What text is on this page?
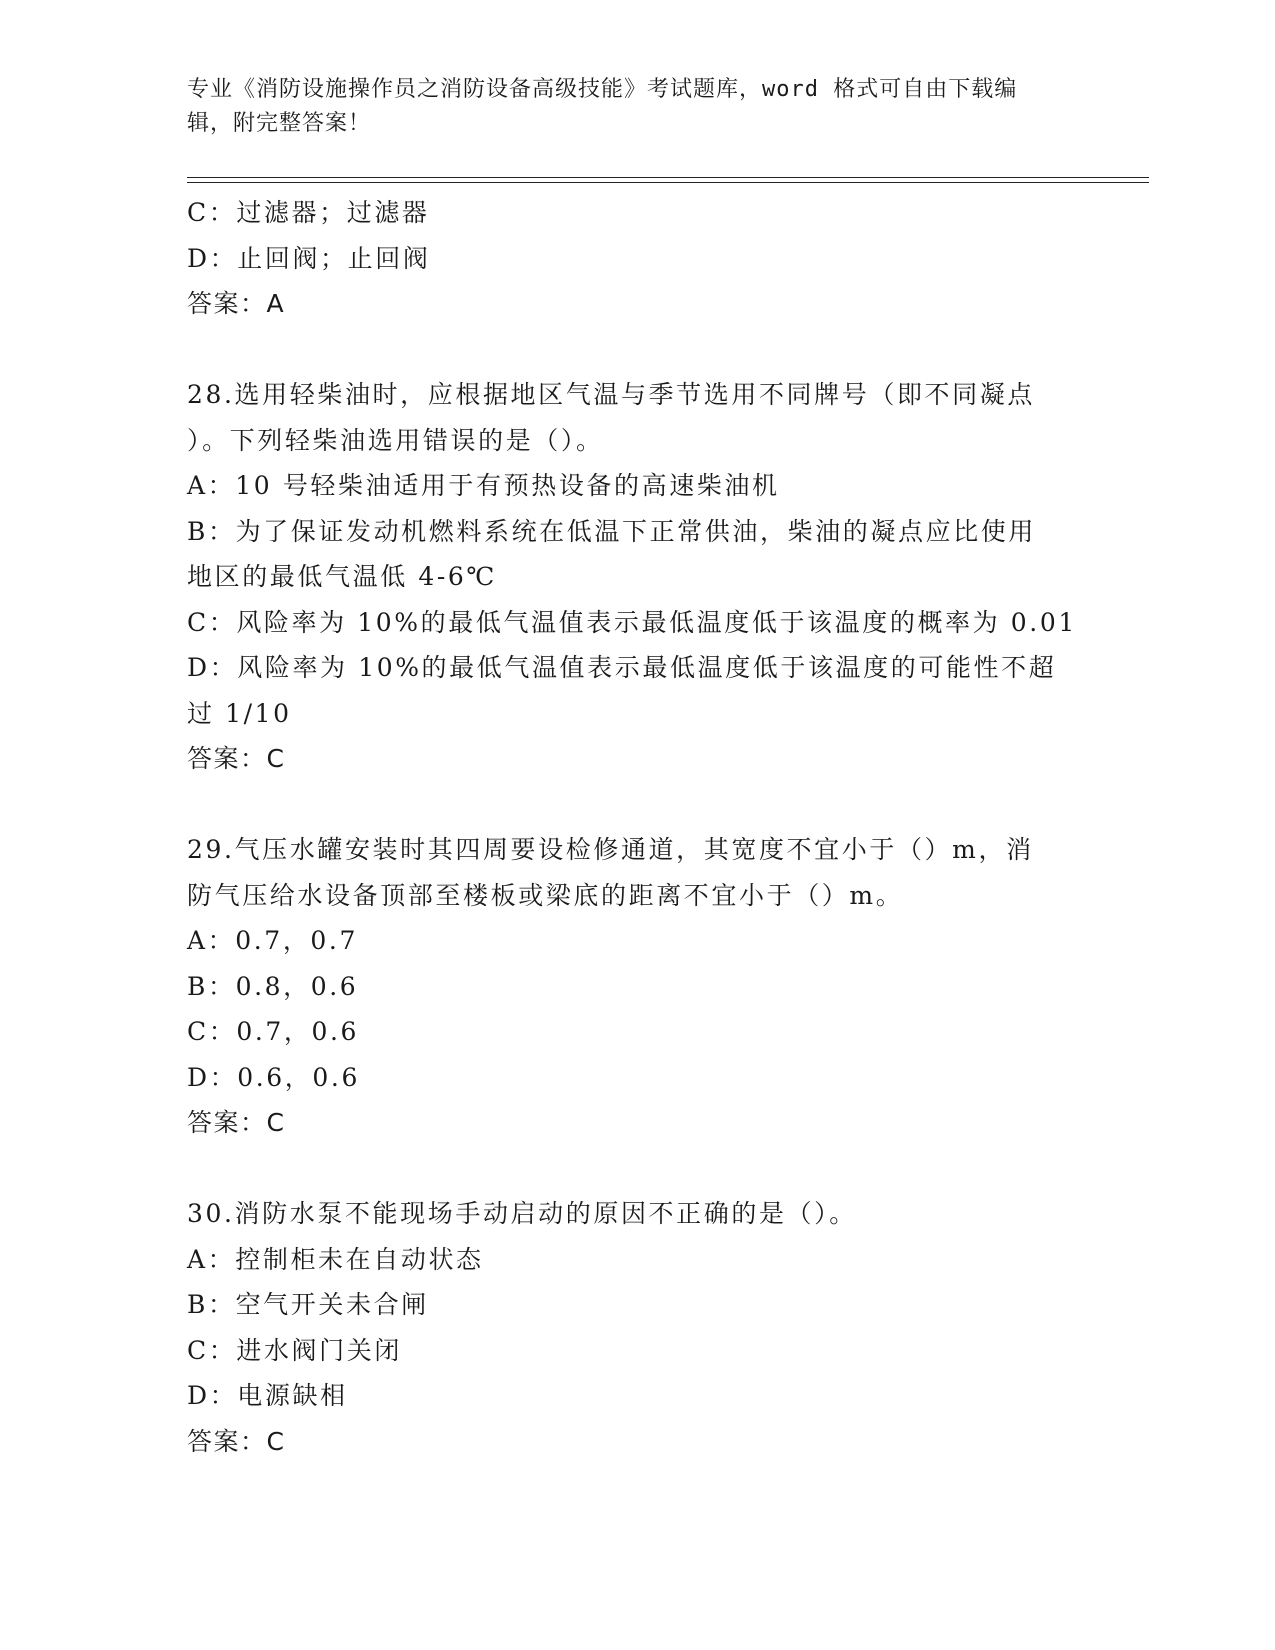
专业《消防设施操作员之消防设备高级技能》考试题库，word 格式可自由下载编
辑，附完整答案！
C：过滤器；过滤器
D：止回阀；止回阀
答案：A
28.选用轻柴油时，应根据地区气温与季节选用不同牌号（即不同凝点
）。下列轻柴油选用错误的是（）。
A：10 号轻柴油适用于有预热设备的高速柴油机
B：为了保证发动机燃料系统在低温下正常供油，柴油的凝点应比使用
地区的最低气温低 4-6℃
C：风险率为 10%的最低气温值表示最低温度低于该温度的概率为 0.01
D：风险率为 10%的最低气温值表示最低温度低于该温度的可能性不超
过 1/10
答案：C
29.气压水罐安装时其四周要设检修通道，其宽度不宜小于（）m，消
防气压给水设备顶部至楼板或梁底的距离不宜小于（）m。
A：0.7，0.7
B：0.8，0.6
C：0.7，0.6
D：0.6，0.6
答案：C
30.消防水泵不能现场手动启动的原因不正确的是（）。
A：控制柜未在自动状态
B：空气开关未合闸
C：进水阀门关闭
D：电源缺相
答案：C
